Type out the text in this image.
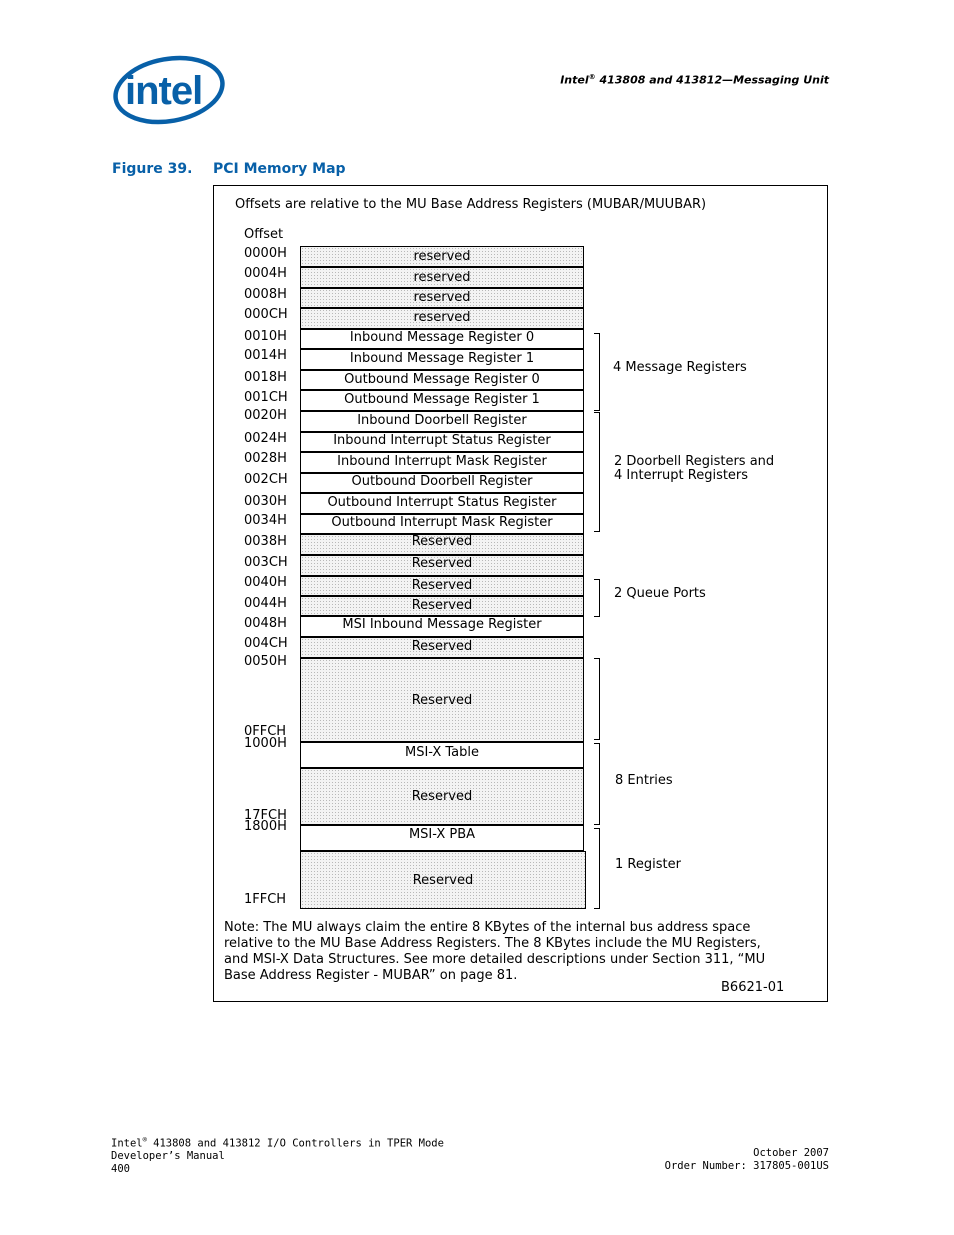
intel	Intel® 413808 and 413812—Messaging Unit
Figure 39. PCI Memory Map
Offsets are relative to the MU Base Address Registers (MUBAR/MUUBAR)
Offset
0000H
0004H
0008H
000CH
0010H
0014H
0018H
001CH
0020H
0024H
0028H
002CH
0030H
0034H
0038H
003CH
0040H
0044H
0048H
004CH
0050H
0FFCH
1000H
17FCH
1800H
1FFCH
reserved
reserved
reserved
reserved
Inbound Message Register 0
Inbound Message Register 1
Outbound Message Register 0
Outbound Message Register 1
Inbound Doorbell Register
Inbound Interrupt Status Register
Inbound Interrupt Mask Register
Outbound Doorbell Register
Outbound Interrupt Status Register
Outbound Interrupt Mask Register
Reserved
Reserved
Reserved
Reserved
MSI Inbound Message Register
Reserved
Reserved
MSI-X Table
Reserved
MSI-X PBA
Reserved
4 Message Registers
2 Doorbell Registers and
4 Interrupt Registers
2 Queue Ports
8 Entries
1 Register
Note: The MU always claim the entire 8 KBytes of the internal bus address space
relative to the MU Base Address Registers. The 8 KBytes include the MU Registers,
and MSI-X Data Structures. See more detailed descriptions under Section 311, “MU
Base Address Register - MUBAR” on page 81.
B6621-01
Intel® 413808 and 413812 I/O Controllers in TPER Mode
Developer’s Manual
400
October 2007
Order Number: 317805-001US
